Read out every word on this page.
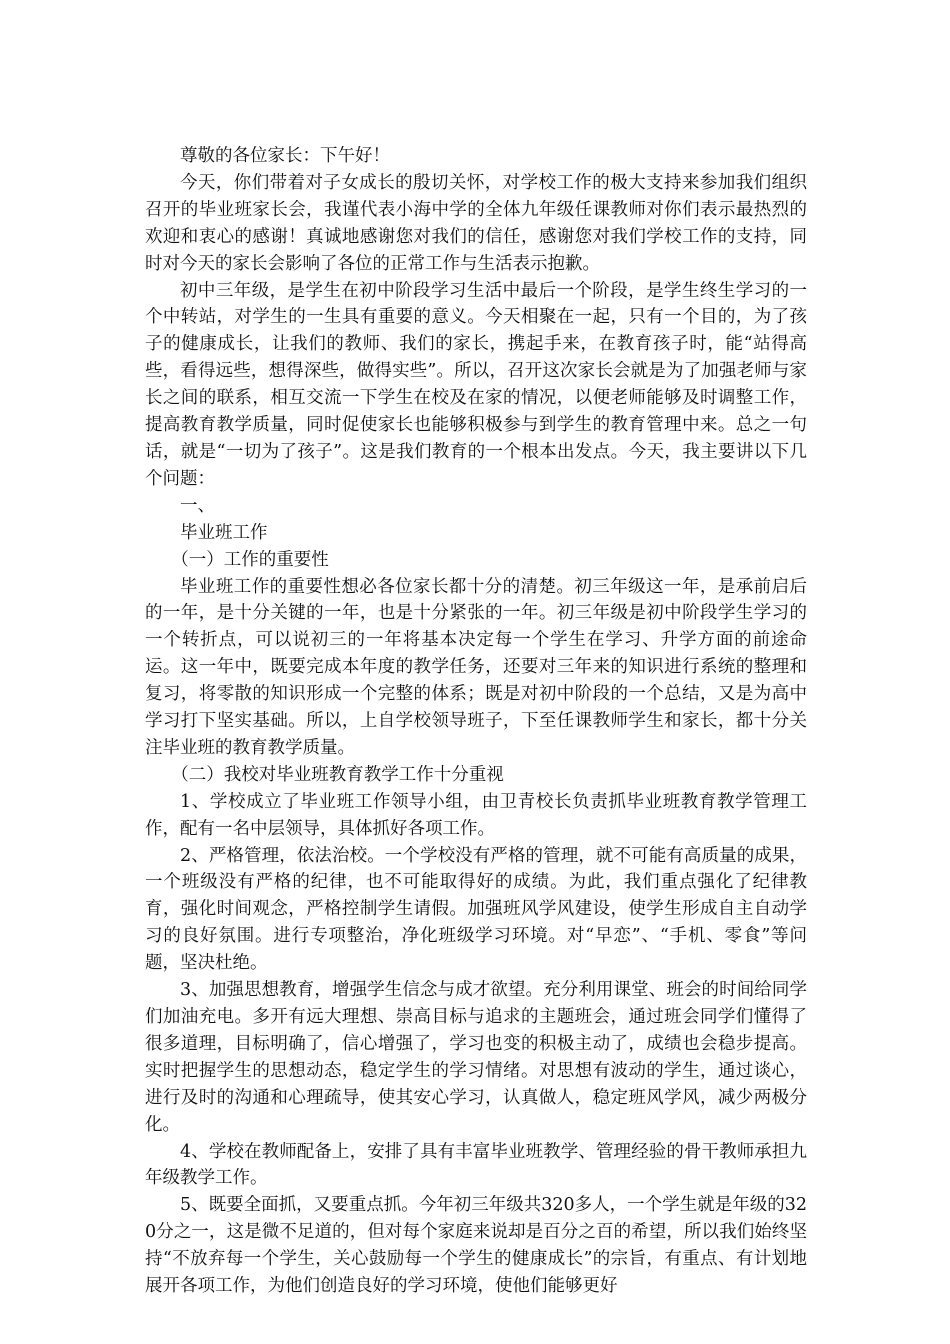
尊敬的各位家长：下午好！

今天，你们带着对子女成长的殷切关怀，对学校工作的极大支持来参加我们组织召开的毕业班家长会，我谨代表小海中学的全体九年级任课教师对你们表示最热烈的欢迎和衷心的感谢！真诚地感谢您对我们的信任，感谢您对我们学校工作的支持，同时对今天的家长会影响了各位的正常工作与生活表示抱歉。

初中三年级，是学生在初中阶段学习生活中最后一个阶段，是学生终生学习的一个中转站，对学生的一生具有重要的意义。今天相聚在一起，只有一个目的，为了孩子的健康成长，让我们的教师、我们的家长，携起手来，在教育孩子时，能“站得高些，看得远些，想得深些，做得实些”。所以，召开这次家长会就是为了加强老师与家长之间的联系，相互交流一下学生在校及在家的情况，以便老师能够及时调整工作，提高教育教学质量，同时促使家长也能够积极参与到学生的教育管理中来。总之一句话，就是“一切为了孩子”。这是我们教育的一个根本出发点。今天，我主要讲以下几个问题：

一、

毕业班工作

（一）工作的重要性

毕业班工作的重要性想必各位家长都十分的清楚。初三年级这一年，是承前启后的一年，是十分关键的一年，也是十分紧张的一年。初三年级是初中阶段学生学习的一个转折点，可以说初三的一年将基本决定每一个学生在学习、升学方面的前途命运。这一年中，既要完成本年度的教学任务，还要对三年来的知识进行系统的整理和复习，将零散的知识形成一个完整的体系；既是对初中阶段的一个总结，又是为高中学习打下坚实基础。所以，上自学校领导班子，下至任课教师学生和家长，都十分关注毕业班的教育教学质量。

（二）我校对毕业班教育教学工作十分重视

1、学校成立了毕业班工作领导小组，由卫青校长负责抓毕业班教育教学管理工作，配有一名中层领导，具体抓好各项工作。

2、严格管理，依法治校。一个学校没有严格的管理，就不可能有高质量的成果，一个班级没有严格的纪律，也不可能取得好的成绩。为此，我们重点强化了纪律教育，强化时间观念，严格控制学生请假。加强班风学风建设，使学生形成自主自动学习的良好氛围。进行专项整治，净化班级学习环境。对“早恋”、“手机、零食”等问题，坚决杜绝。

3、加强思想教育，增强学生信念与成才欲望。充分利用课堂、班会的时间给同学们加油充电。多开有远大理想、崇高目标与追求的主题班会，通过班会同学们懂得了很多道理，目标明确了，信心增强了，学习也变的积极主动了，成绩也会稳步提高。实时把握学生的思想动态，稳定学生的学习情绪。对思想有波动的学生，通过谈心，进行及时的沟通和心理疏导，使其安心学习，认真做人，稳定班风学风，减少两极分化。

4、学校在教师配备上，安排了具有丰富毕业班教学、管理经验的骨干教师承担九年级教学工作。

5、既要全面抓，又要重点抓。今年初三年级共320多人，一个学生就是年级的320分之一，这是微不足道的，但对每个家庭来说却是百分之百的希望，所以我们始终坚持“不放弃每一个学生，关心鼓励每一个学生的健康成长”的宗旨，有重点、有计划地展开各项工作，为他们创造良好的学习环境，使他们能够更好
